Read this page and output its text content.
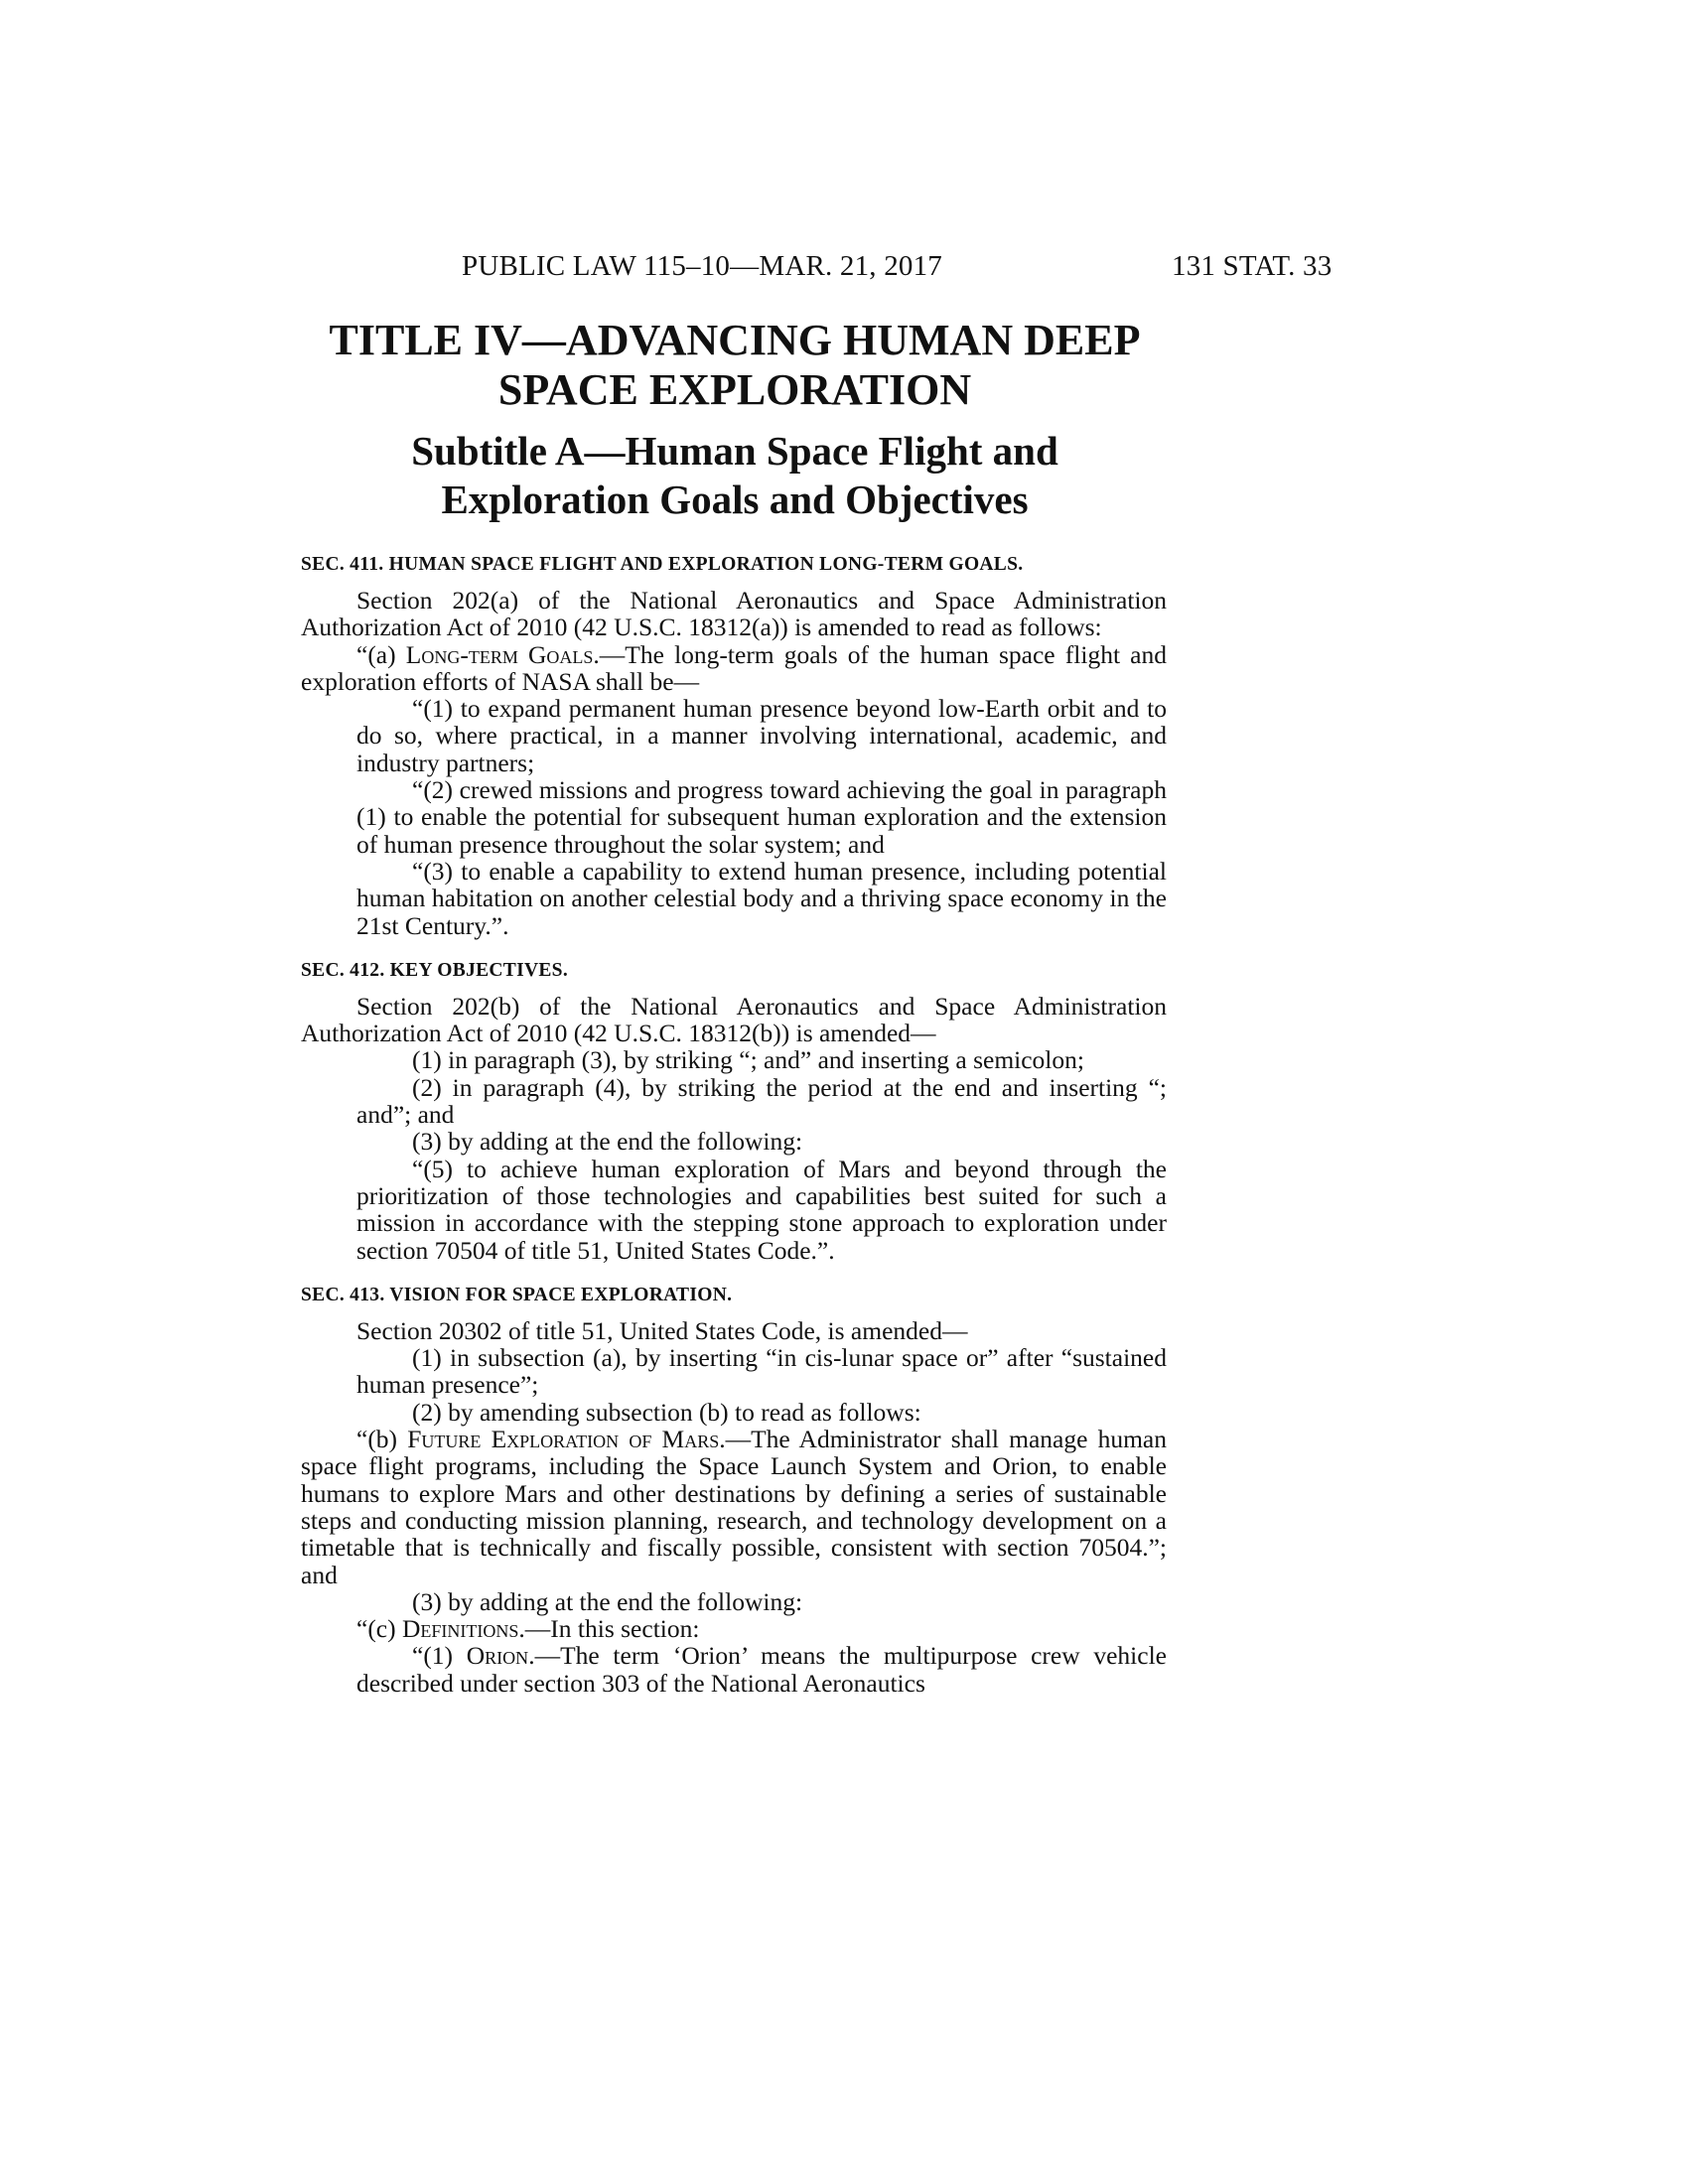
PUBLIC LAW 115–10—MAR. 21, 2017	131 STAT. 33
TITLE IV—ADVANCING HUMAN DEEP
SPACE EXPLORATION
Subtitle A—Human Space Flight and
Exploration Goals and Objectives
SEC. 411. HUMAN SPACE FLIGHT AND EXPLORATION LONG-TERM GOALS.

Section 202(a) of the National Aeronautics and Space Administration Authorization Act of 2010 (42 U.S.C. 18312(a)) is amended to read as follows:

“(a) Long-term Goals.—The long-term goals of the human space flight and exploration efforts of NASA shall be—

“(1) to expand permanent human presence beyond low-Earth orbit and to do so, where practical, in a manner involving international, academic, and industry partners;

“(2) crewed missions and progress toward achieving the goal in paragraph (1) to enable the potential for subsequent human exploration and the extension of human presence throughout the solar system; and

“(3) to enable a capability to extend human presence, including potential human habitation on another celestial body and a thriving space economy in the 21st Century.”.

SEC. 412. KEY OBJECTIVES.

Section 202(b) of the National Aeronautics and Space Administration Authorization Act of 2010 (42 U.S.C. 18312(b)) is amended—

(1) in paragraph (3), by striking “; and” and inserting a semicolon;

(2) in paragraph (4), by striking the period at the end and inserting “; and”; and

(3) by adding at the end the following:

“(5) to achieve human exploration of Mars and beyond through the prioritization of those technologies and capabilities best suited for such a mission in accordance with the stepping stone approach to exploration under section 70504 of title 51, United States Code.”.

SEC. 413. VISION FOR SPACE EXPLORATION.

Section 20302 of title 51, United States Code, is amended—

(1) in subsection (a), by inserting “in cis-lunar space or” after “sustained human presence”;

(2) by amending subsection (b) to read as follows:

“(b) Future Exploration of Mars.—The Administrator shall manage human space flight programs, including the Space Launch System and Orion, to enable humans to explore Mars and other destinations by defining a series of sustainable steps and conducting mission planning, research, and technology development on a timetable that is technically and fiscally possible, consistent with section 70504.”; and

(3) by adding at the end the following:

“(c) Definitions.—In this section:

“(1) Orion.—The term ‘Orion’ means the multipurpose crew vehicle described under section 303 of the National Aeronautics
